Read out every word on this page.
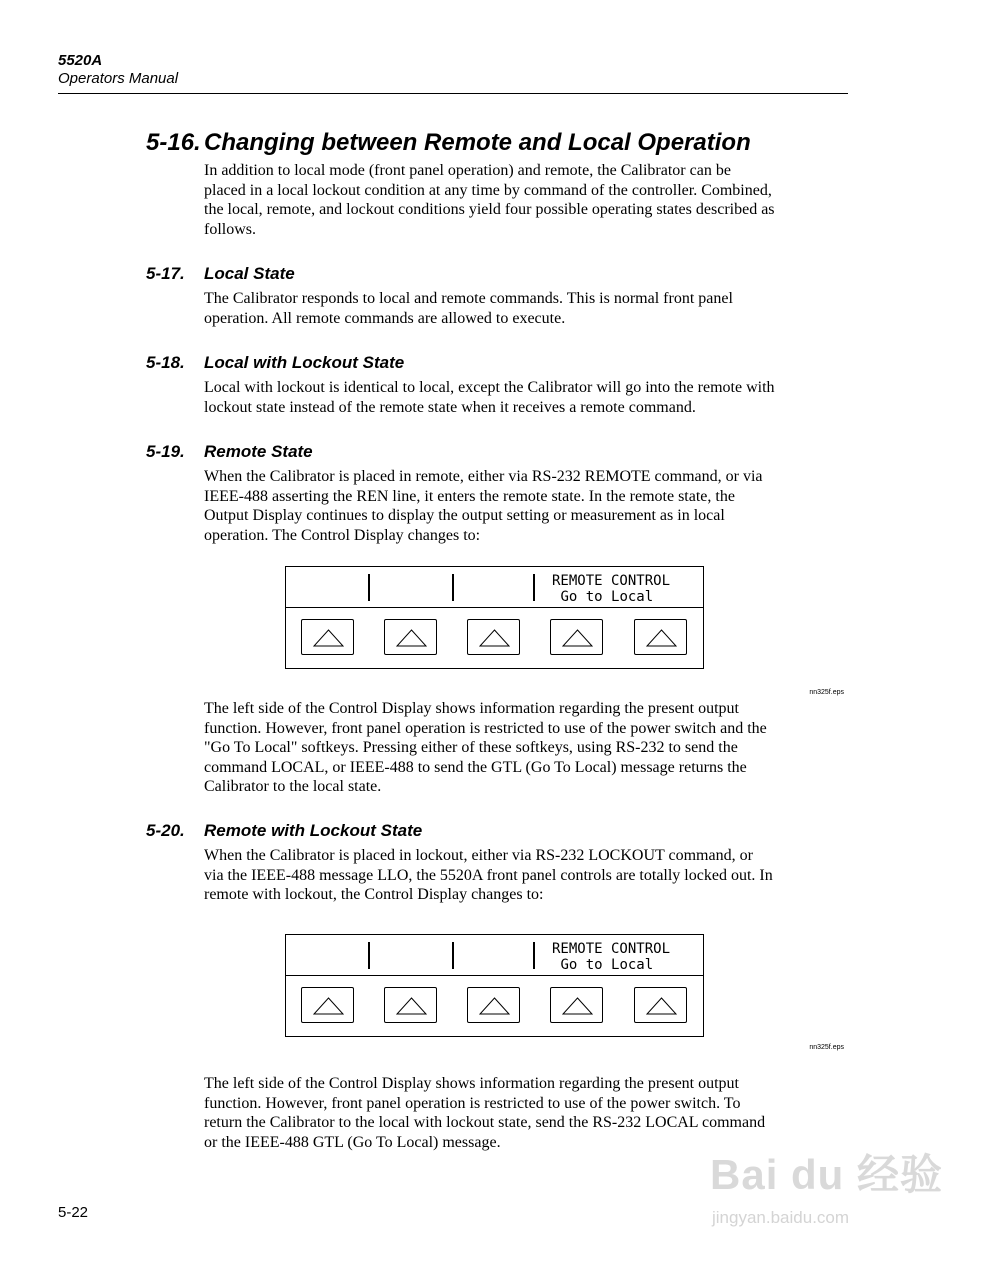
5520A
Operators Manual
5-16. Changing between Remote and Local Operation
In addition to local mode (front panel operation) and remote, the Calibrator can be
placed in a local lockout condition at any time by command of the controller. Combined,
the local, remote, and lockout conditions yield four possible operating states described as
follows.
5-17. Local State
The Calibrator responds to local and remote commands. This is normal front panel
operation. All remote commands are allowed to execute.
5-18. Local with Lockout State
Local with lockout is identical to local, except the Calibrator will go into the remote with
lockout state instead of the remote state when it receives a remote command.
5-19. Remote State
When the Calibrator is placed in remote, either via RS-232 REMOTE command, or via
IEEE-488 asserting the REN line, it enters the remote state. In the remote state, the
Output Display continues to display the output setting or measurement as in local
operation. The Control Display changes to:
REMOTE CONTROL
Go to Local
nn325f.eps
The left side of the Control Display shows information regarding the present output
function. However, front panel operation is restricted to use of the power switch and the
"Go To Local" softkeys. Pressing either of these softkeys, using RS-232 to send the
command LOCAL, or IEEE-488 to send the GTL (Go To Local) message returns the
Calibrator to the local state.
5-20. Remote with Lockout State
When the Calibrator is placed in lockout, either via RS-232 LOCKOUT command, or
via the IEEE-488 message LLO, the 5520A front panel controls are totally locked out. In
remote with lockout, the Control Display changes to:
REMOTE CONTROL
Go to Local
nn325f.eps
The left side of the Control Display shows information regarding the present output
function. However, front panel operation is restricted to use of the power switch. To
return the Calibrator to the local with lockout state, send the RS-232 LOCAL command
or the IEEE-488 GTL (Go To Local) message.
5-22
Bai du 经验
jingyan.baidu.com
